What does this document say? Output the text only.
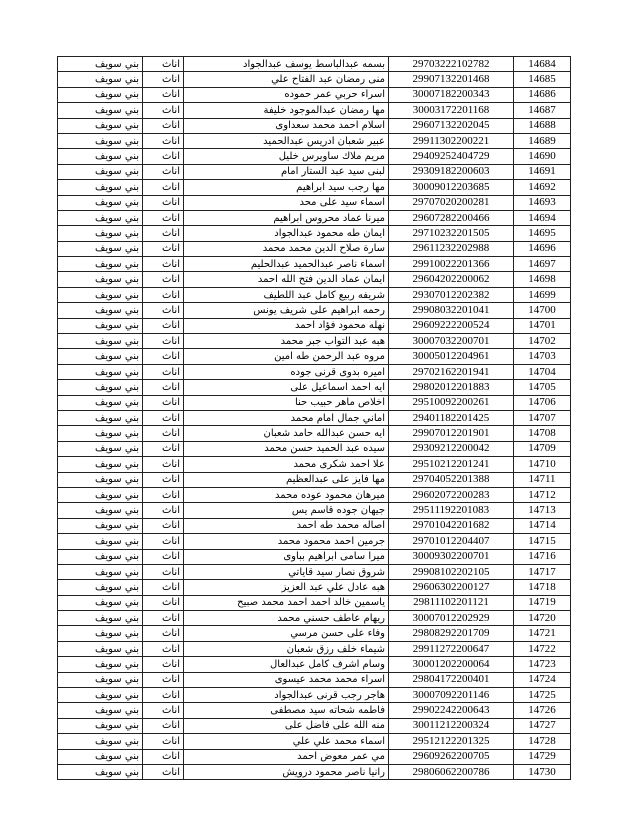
بني سويف	اناث	بسمه عبدالباسط يوسف عبدالجواد	29703222102782	14684
بني سويف	اناث	منى رمضان عبد الفتاح علي	29907132201468	14685
بني سويف	اناث	اسراء حربي عمر حموده	30007182200343	14686
بني سويف	اناث	مها رمضان عبدالموجود خليفة	30003172201168	14687
بني سويف	اناث	اسلام احمد محمد سعداوى	29607132202045	14688
بني سويف	اناث	عبير شعبان ادريس عبدالحميد	29911302200221	14689
بني سويف	اناث	مريم ملاك ساويرس خليل	29409252404729	14690
بني سويف	اناث	لبنى سيد عبد الستار امام	29309182200603	14691
بني سويف	اناث	مها رجب سيد ابراهيم	30009012203685	14692
بني سويف	اناث	اسماء سيد على محد	29707020200281	14693
بني سويف	اناث	ميرنا عماد محروس ابراهيم	29607282200466	14694
بني سويف	اناث	ايمان طه محمود عبدالجواد	29710232201505	14695
بني سويف	اناث	سارة صلاح الدين محمد محمد	29611232202988	14696
بني سويف	اناث	اسماء ناصر عبدالحميد عبدالحليم	29910022201366	14697
بني سويف	اناث	ايمان عماد الدين فتح الله احمد	29604202200062	14698
بني سويف	اناث	شريفه ربيع كامل عبد اللطيف	29307012202382	14699
بني سويف	اناث	رحمه ابراهيم على شريف يونس	29908032201041	14700
بني سويف	اناث	نهله محمود فؤاد احمد	29609222200524	14701
بني سويف	اناث	هبه عبد التواب جبر محمد	30007032200701	14702
بني سويف	اناث	مروه عبد الرحمن طه امين	30005012204961	14703
بني سويف	اناث	اميره بدوى قرنى جوده	29702162201941	14704
بني سويف	اناث	ايه احمد اسماعيل على	29802012201883	14705
بني سويف	اناث	اخلاص ماهر حبيب حنا	29510092200261	14706
بني سويف	اناث	اماني جمال امام محمد	29401182201425	14707
بني سويف	اناث	ايه حسن عبدالله حامد شعبان	29907012201901	14708
بني سويف	اناث	سيده عبد الحميد حسن محمد	29309212200042	14709
بني سويف	اناث	علا احمد شكرى محمد	29510212201241	14710
بني سويف	اناث	مها فايز على عبدالعظيم	29704052201388	14711
بني سويف	اناث	ميرهان محمود عوده محمد	29602072200283	14712
بني سويف	اناث	جيهان جوده قاسم يس	29511192201083	14713
بني سويف	اناث	اصاله محمد طه احمد	29701042201682	14714
بني سويف	اناث	جرمين احمد محمود محمد	29701012204407	14715
بني سويف	اناث	ميرا سامى ابراهيم بباوى	30009302200701	14716
بني سويف	اناث	شروق نصار سيد قاياتي	29908102202105	14717
بني سويف	اناث	هبه عادل علي عبد العزيز	29606302200127	14718
بني سويف	اناث	ياسمين خالد احمد احمد محمد صبيح	29811102201121	14719
بني سويف	اناث	ريهام عاطف حسني محمد	30007012202929	14720
بني سويف	اناث	وفاء على حسن مرسي	29808292201709	14721
بني سويف	اناث	شيماء خلف رزق شعبان	29911272200647	14722
بني سويف	اناث	وسام اشرف كامل عبدالعال	30001202200064	14723
بني سويف	اناث	اسراء محمد محمد عيسوى	29804172200401	14724
بني سويف	اناث	هاجر رجب قرنى عبدالجواد	30007092201146	14725
بني سويف	اناث	فاطمه شحاته سيد مصطفى	29902242200643	14726
بني سويف	اناث	منه الله على فاضل على	30011212200324	14727
بني سويف	اناث	اسماء محمد علي علي	29512122201325	14728
بني سويف	اناث	مي عمر معوض احمد	29609262200705	14729
بني سويف	اناث	رانيا ناصر محمود درويش	29806062200786	14730
